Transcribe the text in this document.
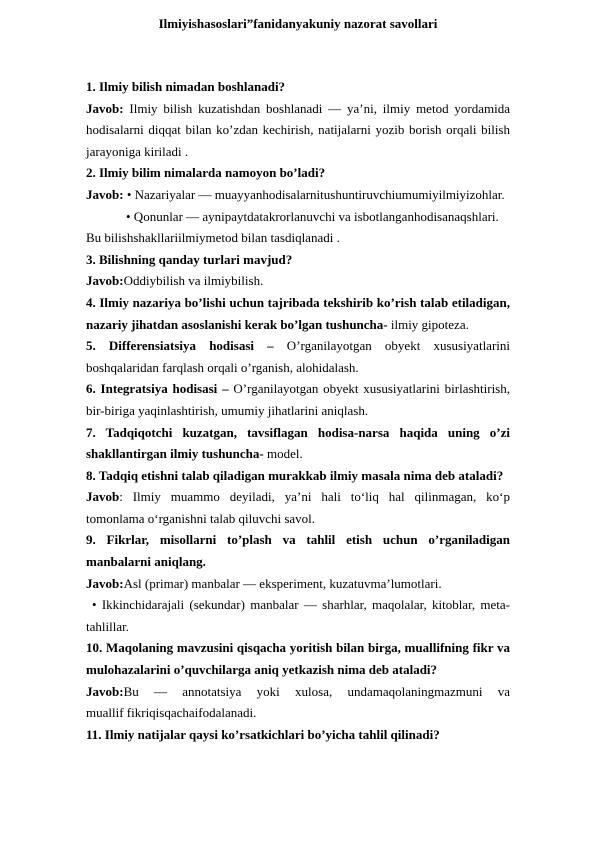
Ilmiyishasoslari”fanidanyakuniy nazorat savollari

1. Ilmiy bilish nimadan boshlanadi?

Javob: Ilmiy bilish kuzatishdan boshlanadi — ya’ni, ilmiy metod yordamida hodisalarni diqqat bilan ko’zdan kechirish, natijalarni yozib borish orqali bilish jarayoniga kiriladi .

2. Ilmiy bilim nimalarda namoyon bo’ladi?

Javob: • Nazariyalar — muayyanhodisalarnitushuntiruvchiumumiyilmiyizohlar.

• Qonunlar — aynipaytdatakrorlanuvchi va isbotlanganhodisanaqshlari.

Bu bilishshakllariilmiymetod bilan tasdiqlanadi .

3. Bilishning qanday turlari mavjud?

Javob:Oddiybilish va ilmiybilish.

4. Ilmiy nazariya bo’lishi uchun tajribada tekshirib ko’rish talab etiladigan, nazariy jihatdan asoslanishi kerak bo’lgan tushuncha- ilmiy gipoteza.

5. Differensiatsiya hodisasi – O’rganilayotgan obyekt xususiyatlarini boshqalaridan farqlash orqali o’rganish, alohidalash.

6. Integratsiya hodisasi – O’rganilayotgan obyekt xususiyatlarini birlashtirish, bir-biriga yaqinlashtirish, umumiy jihatlarini aniqlash.

7. Tadqiqotchi kuzatgan, tavsiflagan hodisa-narsa haqida uning o’zi shakllantirgan ilmiy tushuncha- model.

8. Tadqiq etishni talab qiladigan murakkab ilmiy masala nima deb ataladi?

Javob: Ilmiy muammo deyiladi, ya’ni hali to‘liq hal qilinmagan, ko‘p tomonlama o‘rganishni talab qiluvchi savol.

9. Fikrlar, misollarni to’plash va tahlil etish uchun o’rganiladigan manbalarni aniqlang.

Javob:Asl (primar) manbalar — eksperiment, kuzatuvma’lumotlari.

• Ikkinchidarajali (sekundar) manbalar — sharhlar, maqolalar, kitoblar, meta-tahlillar.

10. Maqolaning mavzusini qisqacha yoritish bilan birga, muallifning fikr va mulohazalarini o’quvchilarga aniq yetkazish nima deb ataladi?

Javob:Bu — annotatsiya yoki xulosa, undamaqolaningmazmuni va

muallif fikriqisqachaifodalanadi.

11. Ilmiy natijalar qaysi ko’rsatkichlari bo’yicha tahlil qilinadi?
